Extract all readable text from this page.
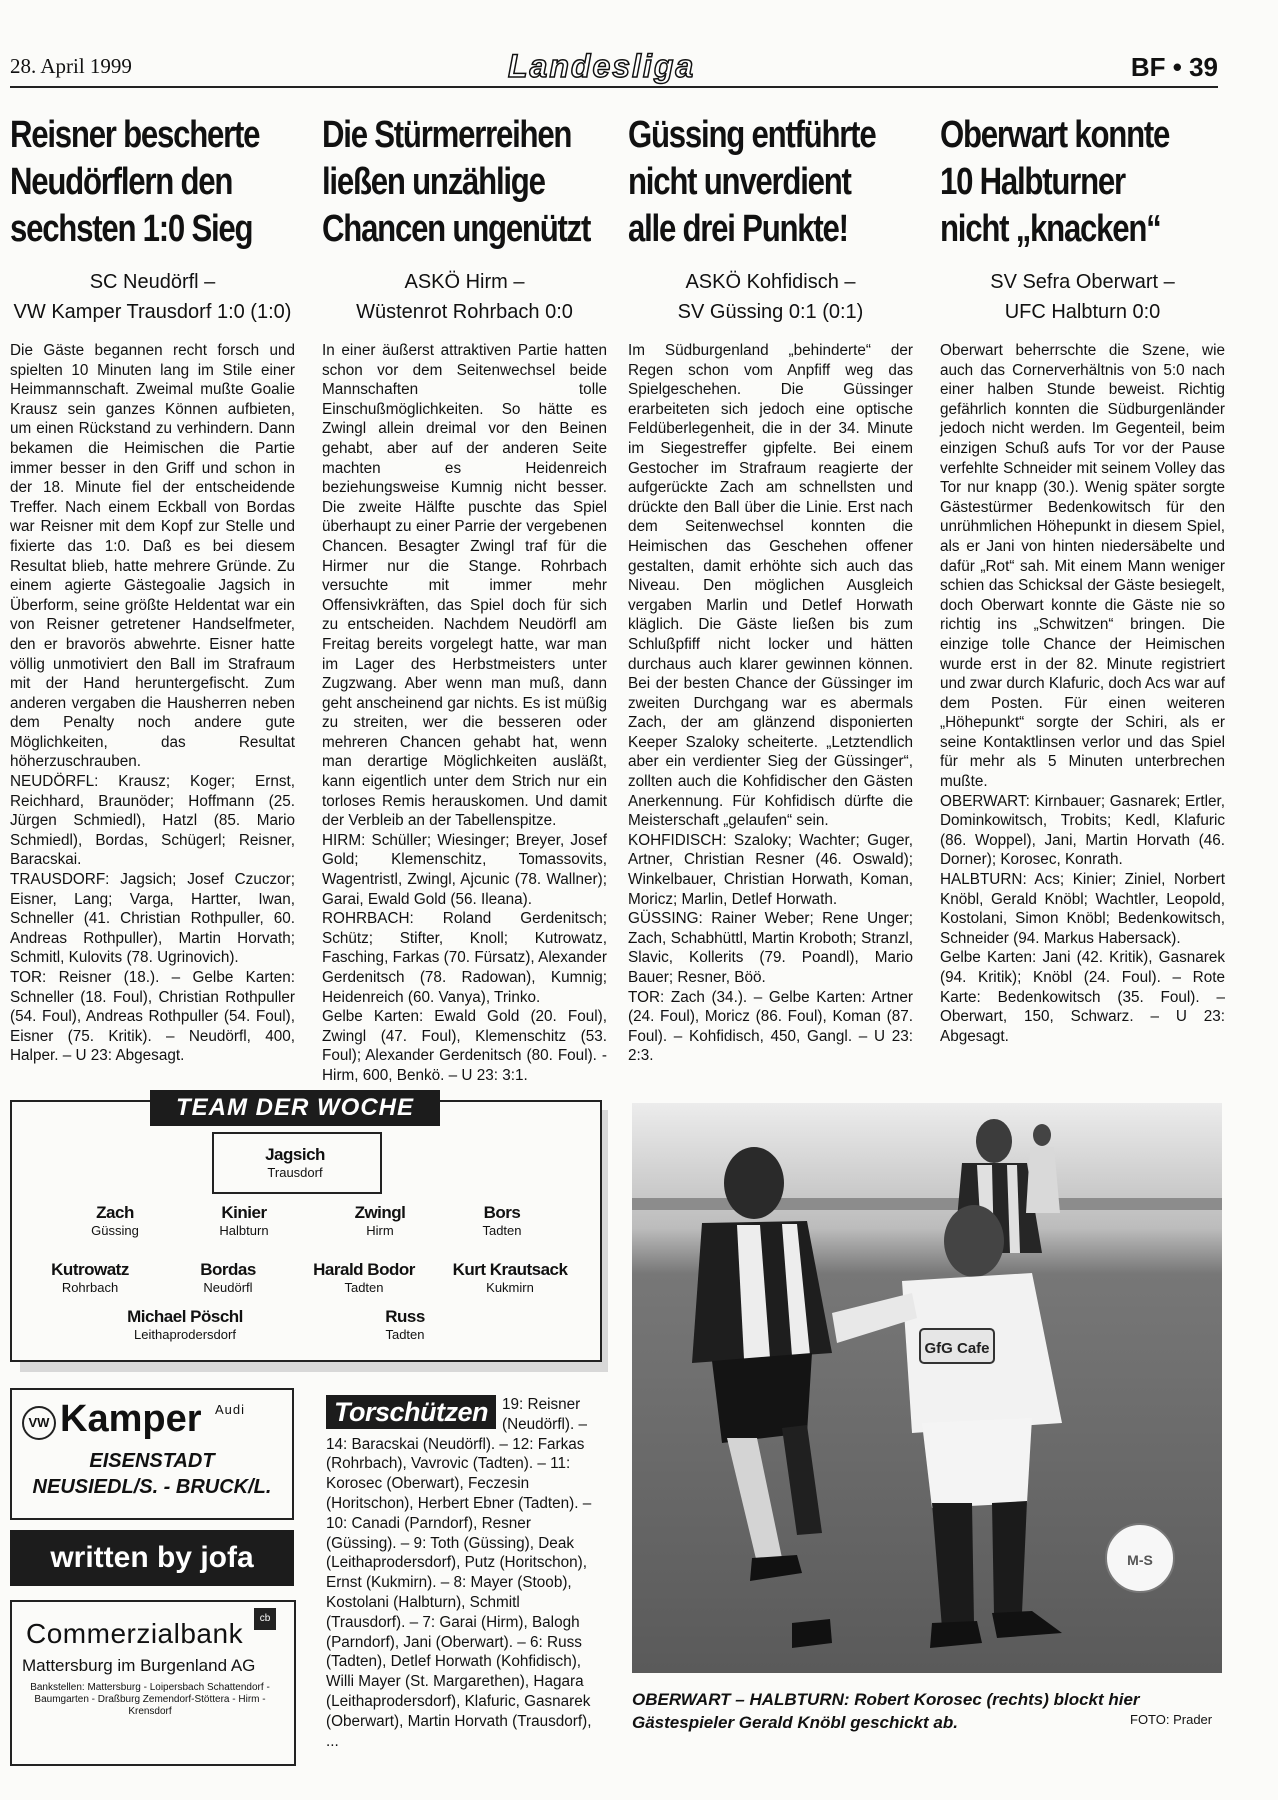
28. April 1999	Landesliga	BF • 39
Reisner bescherte
Neudörflern den
sechsten 1:0 Sieg
SC Neudörfl –
VW Kamper Trausdorf 1:0 (1:0)

Die Gäste begannen recht forsch und spielten 10 Minuten lang im Stile einer Heimmannschaft. Zweimal mußte Goalie Krausz sein ganzes Können aufbieten, um einen Rückstand zu verhindern. Dann bekamen die Heimischen die Partie immer besser in den Griff und schon in der 18. Minute fiel der entscheidende Treffer. Nach einem Eckball von Bordas war Reisner mit dem Kopf zur Stelle und fixierte das 1:0. Daß es bei diesem Resultat blieb, hatte mehrere Gründe. Zu einem agierte Gästegoalie Jagsich in Überform, seine größte Heldentat war ein von Reisner getretener Handselfmeter, den er bravorös abwehrte. Eisner hatte völlig unmotiviert den Ball im Strafraum mit der Hand heruntergefischt. Zum anderen vergaben die Hausherren neben dem Penalty noch andere gute Möglichkeiten, das Resultat höherzuschrauben.

NEUDÖRFL: Krausz; Koger; Ernst, Reichhard, Braunöder; Hoffmann (25. Jürgen Schmiedl), Hatzl (85. Mario Schmiedl), Bordas, Schügerl; Reisner, Baracskai.

TRAUSDORF: Jagsich; Josef Czuczor; Eisner, Lang; Varga, Hartter, Iwan, Schneller (41. Christian Rothpuller, 60. Andreas Rothpuller), Martin Horvath; Schmitl, Kulovits (78. Ugrinovich).

TOR: Reisner (18.). – Gelbe Karten: Schneller (18. Foul), Christian Rothpuller (54. Foul), Andreas Rothpuller (54. Foul), Eisner (75. Kritik). – Neudörfl, 400, Halper. – U 23: Abgesagt.

Die Stürmerreihen
ließen unzählige
Chancen ungenützt
ASKÖ Hirm –
Wüstenrot Rohrbach 0:0

In einer äußerst attraktiven Partie hatten schon vor dem Seitenwechsel beide Mannschaften tolle Einschußmöglichkeiten. So hätte es Zwingl allein dreimal vor den Beinen gehabt, aber auf der anderen Seite machten es Heidenreich beziehungsweise Kumnig nicht besser. Die zweite Hälfte puschte das Spiel überhaupt zu einer Parrie der vergebenen Chancen. Besagter Zwingl traf für die Hirmer nur die Stange. Rohrbach versuchte mit immer mehr Offensivkräften, das Spiel doch für sich zu entscheiden. Nachdem Neudörfl am Freitag bereits vorgelegt hatte, war man im Lager des Herbstmeisters unter Zugzwang. Aber wenn man muß, dann geht anscheinend gar nichts. Es ist müßig zu streiten, wer die besseren oder mehreren Chancen gehabt hat, wenn man derartige Möglichkeiten ausläßt, kann eigentlich unter dem Strich nur ein torloses Remis herauskomen. Und damit der Verbleib an der Tabellenspitze.

HIRM: Schüller; Wiesinger; Breyer, Josef Gold; Klemenschitz, Tomassovits, Wagentristl, Zwingl, Ajcunic (78. Wallner); Garai, Ewald Gold (56. Ileana).

ROHRBACH: Roland Gerdenitsch; Schütz; Stifter, Knoll; Kutrowatz, Fasching, Farkas (70. Fürsatz), Alexander Gerdenitsch (78. Radowan), Kumnig; Heidenreich (60. Vanya), Trinko.

Gelbe Karten: Ewald Gold (20. Foul), Zwingl (47. Foul), Klemenschitz (53. Foul); Alexander Gerdenitsch (80. Foul). - Hirm, 600, Benkö. – U 23: 3:1.

Güssing entführte
nicht unverdient
alle drei Punkte!
ASKÖ Kohfidisch –
SV Güssing 0:1 (0:1)

Im Südburgenland „behinderte“ der Regen schon vom Anpfiff weg das Spielgeschehen. Die Güssinger erarbeiteten sich jedoch eine optische Feldüberlegenheit, die in der 34. Minute im Siegestreffer gipfelte. Bei einem Gestocher im Strafraum reagierte der aufgerückte Zach am schnellsten und drückte den Ball über die Linie. Erst nach dem Seitenwechsel konnten die Heimischen das Geschehen offener gestalten, damit erhöhte sich auch das Niveau. Den möglichen Ausgleich vergaben Marlin und Detlef Horwath kläglich. Die Gäste ließen bis zum Schlußpfiff nicht locker und hätten durchaus auch klarer gewinnen können. Bei der besten Chance der Güssinger im zweiten Durchgang war es abermals Zach, der am glänzend disponierten Keeper Szaloky scheiterte. „Letztendlich aber ein verdienter Sieg der Güssinger“, zollten auch die Kohfidischer den Gästen Anerkennung. Für Kohfidisch dürfte die Meisterschaft „gelaufen“ sein.

KOHFIDISCH: Szaloky; Wachter; Guger, Artner, Christian Resner (46. Oswald); Winkelbauer, Christian Horwath, Koman, Moricz; Marlin, Detlef Horwath.

GÜSSING: Rainer Weber; Rene Unger; Zach, Schabhüttl, Martin Kroboth; Stranzl, Slavic, Kollerits (79. Poandl), Mario Bauer; Resner, Böö.

TOR: Zach (34.). – Gelbe Karten: Artner (24. Foul), Moricz (86. Foul), Koman (87. Foul). – Kohfidisch, 450, Gangl. – U 23: 2:3.

Oberwart konnte
10 Halbturner
nicht „knacken“
SV Sefra Oberwart –
UFC Halbturn 0:0

Oberwart beherrschte die Szene, wie auch das Cornerverhältnis von 5:0 nach einer halben Stunde beweist. Richtig gefährlich konnten die Südburgenländer jedoch nicht werden. Im Gegenteil, beim einzigen Schuß aufs Tor vor der Pause verfehlte Schneider mit seinem Volley das Tor nur knapp (30.). Wenig später sorgte Gästestürmer Bedenkowitsch für den unrühmlichen Höhepunkt in diesem Spiel, als er Jani von hinten niedersäbelte und dafür „Rot“ sah. Mit einem Mann weniger schien das Schicksal der Gäste besiegelt, doch Oberwart konnte die Gäste nie so richtig ins „Schwitzen“ bringen. Die einzige tolle Chance der Heimischen wurde erst in der 82. Minute registriert und zwar durch Klafuric, doch Acs war auf dem Posten. Für einen weiteren „Höhepunkt“ sorgte der Schiri, als er seine Kontaktlinsen verlor und das Spiel für mehr als 5 Minuten unterbrechen mußte.

OBERWART: Kirnbauer; Gasnarek; Ertler, Dominkowitsch, Trobits; Kedl, Klafuric (86. Woppel), Jani, Martin Horvath (46. Dorner); Korosec, Konrath.

HALBTURN: Acs; Kinier; Ziniel, Norbert Knöbl, Gerald Knöbl; Wachtler, Leopold, Kostolani, Simon Knöbl; Bedenkowitsch, Schneider (94. Markus Habersack).

Gelbe Karten: Jani (42. Kritik), Gasnarek (94. Kritik); Knöbl (24. Foul). – Rote Karte: Bedenkowitsch (35. Foul). – Oberwart, 150, Schwarz. – U 23: Abgesagt.

TEAM DER WOCHE
Jagsich
Trausdorf
Zach
Güssing
Kinier
Halbturn
Zwingl
Hirm
Bors
Tadten
Kutrowatz
Rohrbach
Bordas
Neudörfl
Harald Bodor
Tadten
Kurt Krautsack
Kukmirn
Michael Pöschl
Leithaprodersdorf
Russ
Tadten
VW Kamper Audi
EISENSTADT
NEUSIEDL/S. - BRUCK/L.
written by jofa
Commerzialbank	cb
Mattersburg im Burgenland AG
Bankstellen: Mattersburg - Loipersbach Schattendorf - Baumgarten - Draßburg Zemendorf-Stöttera - Hirm - Krensdorf
Torschützen 19: Reisner (Neudörfl). – 14: Baracskai (Neudörfl). – 12: Farkas (Rohrbach), Vavrovic (Tadten). – 11: Korosec (Oberwart), Feczesin (Horitschon), Herbert Ebner (Tadten). – 10: Canadi (Parndorf), Resner (Güssing). – 9: Toth (Güssing), Deak (Leithaprodersdorf), Putz (Horitschon), Ernst (Kukmirn). – 8: Mayer (Stoob), Kostolani (Halbturn), Schmitl (Trausdorf). – 7: Garai (Hirm), Balogh (Parndorf), Jani (Oberwart). – 6: Russ (Tadten), Detlef Horwath (Kohfidisch), Willi Mayer (St. Margarethen), Hagara (Leithaprodersdorf), Klafuric, Gasnarek (Oberwart), Martin Horvath (Trausdorf), ...
GfG Cafe
M-S
OBERWART – HALBTURN: Robert Korosec (rechts) blockt hier Gästespieler Gerald Knöbl geschickt ab.	FOTO: Prader
